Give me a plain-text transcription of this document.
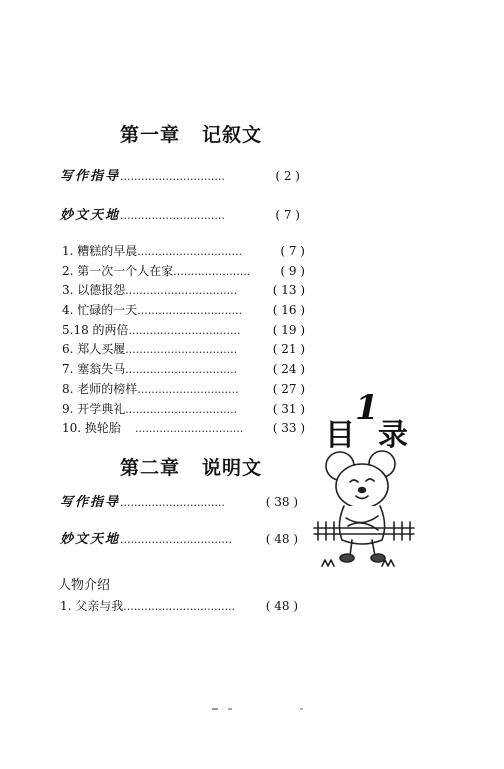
第一章 记叙文
写作指导 ..............................	( 2 )
妙文天地 ..............................	( 7 )
1. 糟糕的早晨 ..............................	( 7 )
2. 第一次一个人在家 ......................	( 9 )
3. 以德报怨 ................................	( 13 )
4. 忙碌的一天 ..............................	( 16 )
5.18 的两倍 ................................	( 19 )
6. 郑人买履 ................................	( 21 )
7. 塞翁失马 ................................	( 24 )
8. 老师的榜样 .............................	( 27 )
9. 开学典礼 ................................	( 31 )
10. 换轮胎	...............................	( 33 )
第二章 说明文
写作指导 ..............................	( 38 )
妙文天地 ................................	( 48 )
人物介绍
1. 父亲与我 ................................	( 48 )
目
1
录
